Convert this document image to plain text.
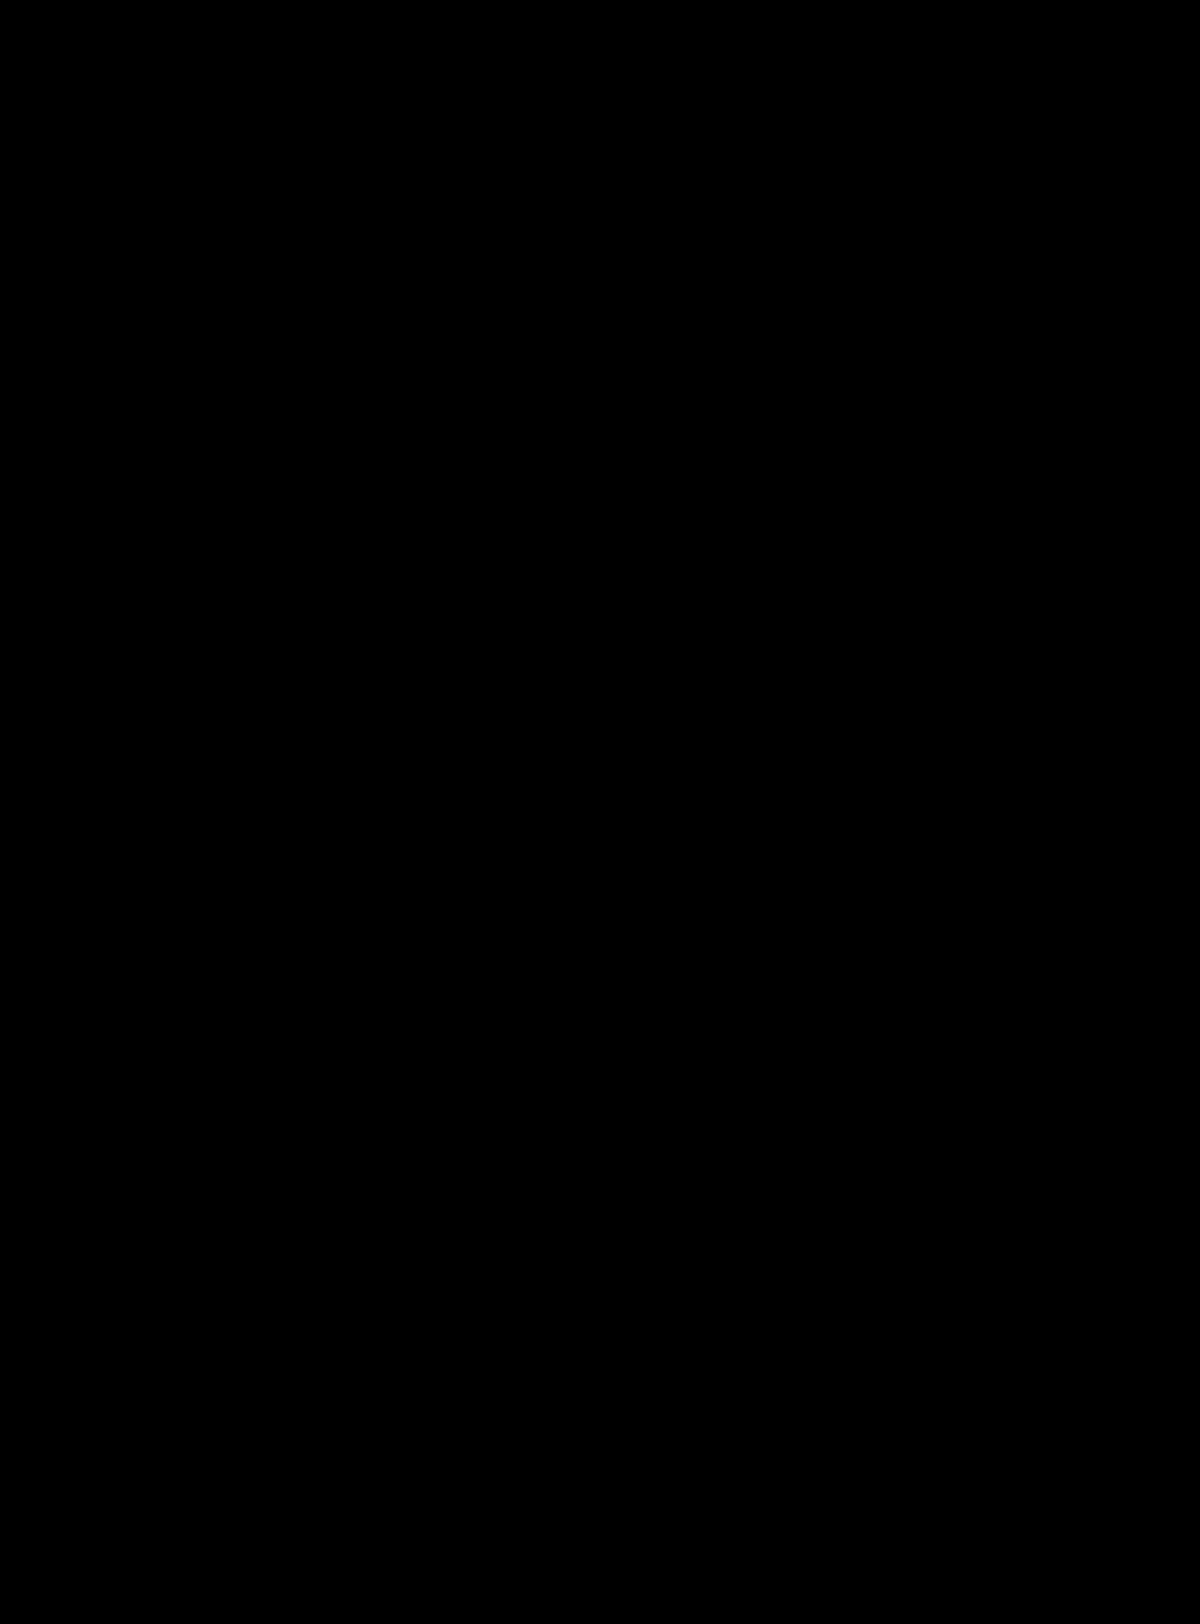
NUTRITION FACTS
Approx. 28 Servings per Container
Serving Size:	1 Rounded Scoop (35.3 grams)
Amount Per Serving
CALORIES	120
% Daily Value**
Total Fat 1.5g	2%
Saturated Fat 0g	0%
Trans Fat 0g
Cholesterol 0mg	0%
Sodium 390mg	17%
Total Carbohydrate 6g	2%
Dietary Fiber 1g	4%
Total Sugars 0g
Includes 0g Added Sugars	0%
Protein 21g	42%
Vitamin D 0mcg	0%
Calcium 34mg	2%
Iron 4mg	25%
Potassium 171mg	4%
** The % Daily Value (DV) tells you how much a nutrient in a serving of food contributes to a daily diet. 2000 calories a day is used for general nutrition advice.
Calories per gram:
Fat 9 • Carbohydrate 4 • Protein 4
Ingredients: Vegan Protein (Pea Protein Concentrate, Organic Pumpkin Protein, Watermelon Seed Protein), Natural and Artificial Flavors, Peanut Flour (Adding 1g Protein), Sunflower Creamer (High Oleic Sunflower Oil, Tapioca Starch, Tapioca Dextrin, Natural Flavors, Mixed Tocopherols), Salt, Sucralose, Xanthan Gum
Contains: Peanuts
